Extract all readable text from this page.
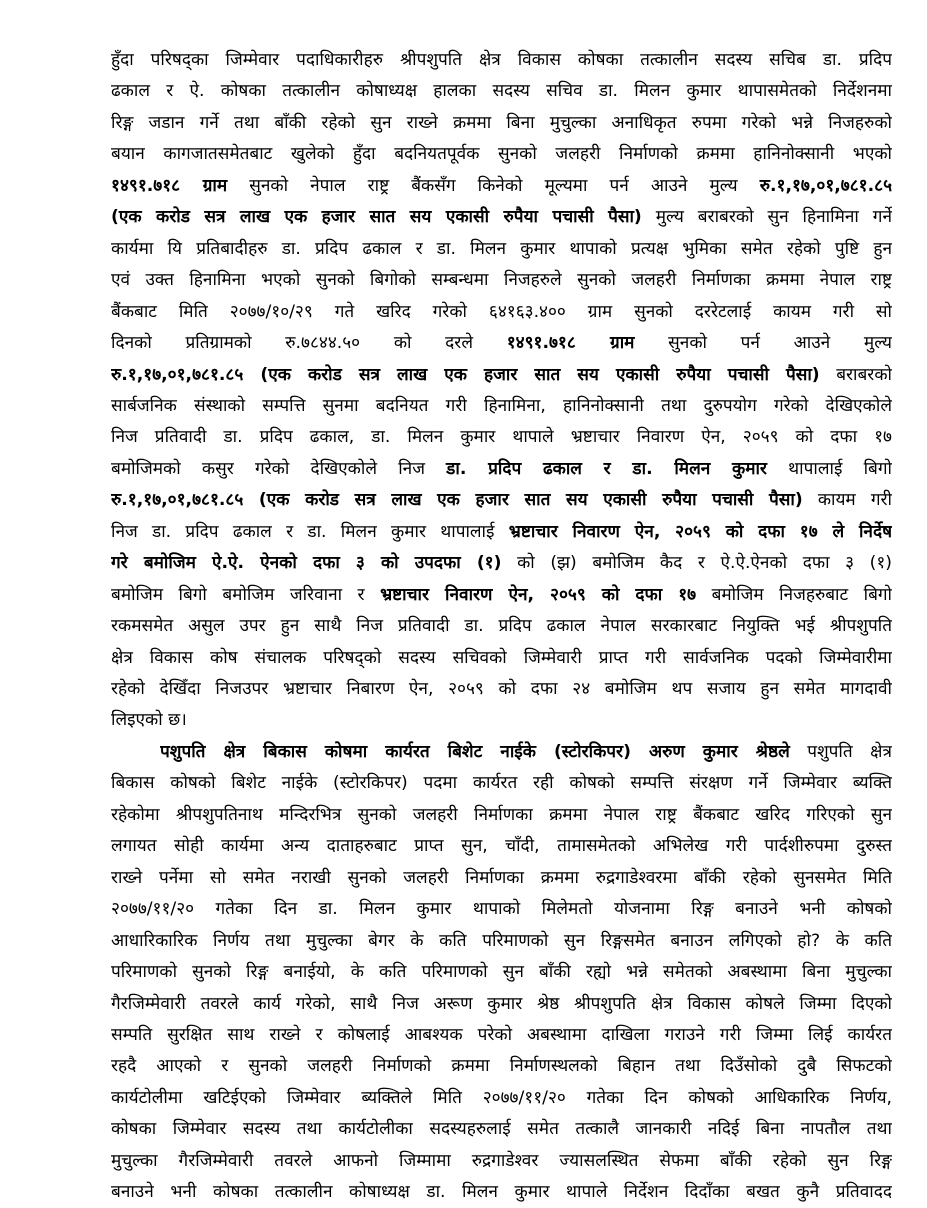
हुँदा परिषद्का जिम्मेवार पदाधिकारीहरु श्रीपशुपति क्षेत्र विकास कोषका तत्कालीन सदस्य सचिब डा. प्रदिप
ढकाल र ऐ. कोषका तत्कालीन कोषाध्यक्ष हालका सदस्य सचिव डा. मिलन कुमार थापासमेतको निर्देशनमा
रिङ्ग जडान गर्ने तथा बाँकी रहेको सुन राख्ने क्रममा बिना मुचुल्का अनाधिकृत रुपमा गरेको भन्ने निजहरुको
बयान कागजातसमेतबाट खुलेको हुँदा बदनियतपूर्वक सुनको जलहरी निर्माणको क्रममा हानिनोक्सानी भएको
१४९१.७१८ ग्राम सुनको नेपाल राष्ट्र बैंकसँग किनेको मूल्यमा पर्न आउने मुल्य रु.१,१७,०१,७८१.८५
(एक करोड सत्र लाख एक हजार सात सय एकासी रुपैया पचासी पैसा) मुल्य बराबरको सुन हिनामिना गर्ने
कार्यमा यि प्रतिबादीहरु डा. प्रदिप ढकाल र डा. मिलन कुमार थापाको प्रत्यक्ष भुमिका समेत रहेको पुष्टि हुन
एवं उक्त हिनामिना भएको सुनको बिगोको सम्बन्धमा निजहरुले सुनको जलहरी निर्माणका क्रममा नेपाल राष्ट्र
बैंकबाट मिति २०७७/१०/२९ गते खरिद गरेको ६४१६३.४०० ग्राम सुनको दररेटलाई कायम गरी सो
दिनको प्रतिग्रामको रु.७८४४.५० को दरले १४९१.७१८ ग्राम सुनको पर्न आउने मुल्य
रु.१,१७,०१,७८१.८५ (एक करोड सत्र लाख एक हजार सात सय एकासी रुपैया पचासी पैसा) बराबरको
सार्बजनिक संस्थाको सम्पत्ति सुनमा बदनियत गरी हिनामिना, हानिनोक्सानी तथा दुरुपयोग गरेको देखिएकोले
निज प्रतिवादी डा. प्रदिप ढकाल, डा. मिलन कुमार थापाले भ्रष्टाचार निवारण ऐन, २०५९ को दफा १७
बमोजिमको कसुर गरेको देखिएकोले निज डा. प्रदिप ढकाल र डा. मिलन कुमार थापालाई बिगो
रु.१,१७,०१,७८१.८५ (एक करोड सत्र लाख एक हजार सात सय एकासी रुपैया पचासी पैसा) कायम गरी
निज डा. प्रदिप ढकाल र डा. मिलन कुमार थापालाई भ्रष्टाचार निवारण ऐन, २०५९ को दफा १७ ले निर्देष
गरे बमोजिम ऐ.ऐ. ऐनको दफा ३ को उपदफा (१) को (झ) बमोजिम कैद र ऐ.ऐ.ऐनको दफा ३ (१)
बमोजिम बिगो बमोजिम जरिवाना र भ्रष्टाचार निवारण ऐन, २०५९ को दफा १७ बमोजिम निजहरुबाट बिगो
रकमसमेत असुल उपर हुन साथै निज प्रतिवादी डा. प्रदिप ढकाल नेपाल सरकारबाट नियुक्ति भई श्रीपशुपति
क्षेत्र विकास कोष संचालक परिषद्को सदस्य सचिवको जिम्मेवारी प्राप्त गरी सार्वजनिक पदको जिम्मेवारीमा
रहेको देखिँदा निजउपर भ्रष्टाचार निबारण ऐन, २०५९ को दफा २४ बमोजिम थप सजाय हुन समेत मागदावी
लिइएको छ।
पशुपति क्षेत्र बिकास कोषमा कार्यरत बिशेट नाईके (स्टोरकिपर) अरुण कुमार श्रेष्ठले पशुपति क्षेत्र
बिकास कोषको बिशेट नाईके (स्टोरकिपर) पदमा कार्यरत रही कोषको सम्पत्ति संरक्षण गर्ने जिम्मेवार ब्यक्ति
रहेकोमा श्रीपशुपतिनाथ मन्दिरभित्र सुनको जलहरी निर्माणका क्रममा नेपाल राष्ट्र बैंकबाट खरिद गरिएको सुन
लगायत सोही कार्यमा अन्य दाताहरुबाट प्राप्त सुन, चाँदी, तामासमेतको अभिलेख गरी पार्दशीरुपमा दुरुस्त
राख्ने पर्नेमा सो समेत नराखी सुनको जलहरी निर्माणका क्रममा रुद्रगाडेश्वरमा बाँकी रहेको सुनसमेत मिति
२०७७/११/२० गतेका दिन डा. मिलन कुमार थापाको मिलेमतो योजनामा रिङ्ग बनाउने भनी कोषको
आधारिकारिक निर्णय तथा मुचुल्का बेगर के कति परिमाणको सुन रिङ्गसमेत बनाउन लगिएको हो? के कति
परिमाणको सुनको रिङ्ग बनाईयो, के कति परिमाणको सुन बाँकी रह्यो भन्ने समेतको अबस्थामा बिना मुचुल्का
गैरजिम्मेवारी तवरले कार्य गरेको, साथै निज अरूण कुमार श्रेष्ठ श्रीपशुपति क्षेत्र विकास कोषले जिम्मा दिएको
सम्पति सुरक्षित साथ राख्ने र कोषलाई आबश्यक परेको अबस्थामा दाखिला गराउने गरी जिम्मा लिई कार्यरत
रहदै आएको र सुनको जलहरी निर्माणको क्रममा निर्माणस्थलको बिहान तथा दिउँसोको दुबै सिफटको
कार्यटोलीमा खटिईएको जिम्मेवार ब्यक्तिले मिति २०७७/११/२० गतेका दिन कोषको आधिकारिक निर्णय,
कोषका जिम्मेवार सदस्य तथा कार्यटोलीका सदस्यहरुलाई समेत तत्कालै जानकारी नदिई बिना नापतौल तथा
मुचुल्का गैरजिम्मेवारी तवरले आफनो जिम्मामा रुद्रगाडेश्वर ज्यासलस्थित सेफमा बाँकी रहेको सुन रिङ्ग
बनाउने भनी कोषका तत्कालीन कोषाध्यक्ष डा. मिलन कुमार थापाले निर्देशन दिदाँका बखत कुनै प्रतिवादद
